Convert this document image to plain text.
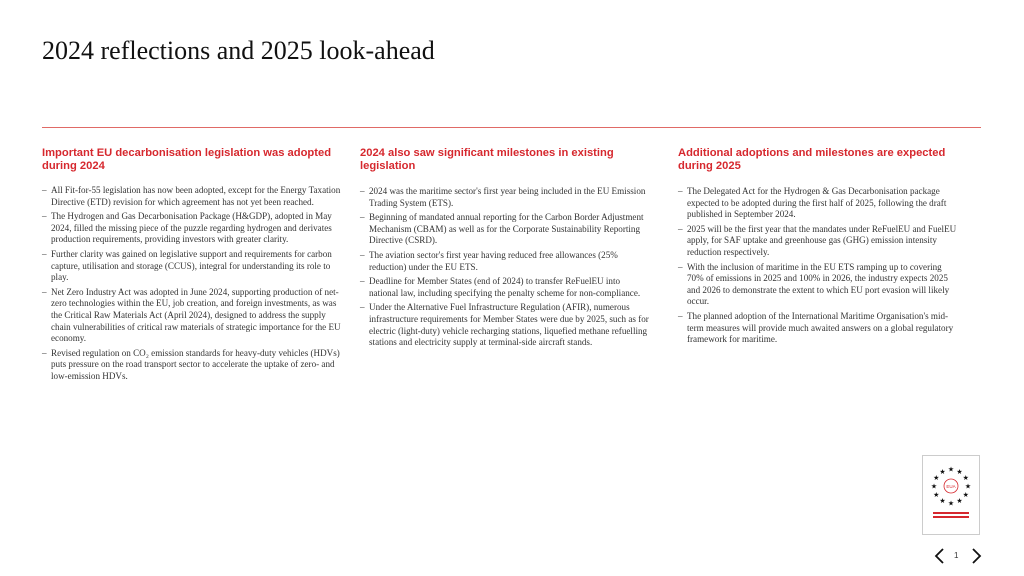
2024 reflections and 2025 look-ahead

Important EU decarbonisation legislation was adopted during 2024

– All Fit-for-55 legislation has now been adopted, except for the Energy Taxation Directive (ETD) revision for which agreement has not yet been reached.
– The Hydrogen and Gas Decarbonisation Package (H&GDP), adopted in May 2024, filled the missing piece of the puzzle regarding hydrogen and derivates production requirements, providing investors with greater clarity.
– Further clarity was gained on legislative support and requirements for carbon capture, utilisation and storage (CCUS), integral for understanding its role to play.
– Net Zero Industry Act was adopted in June 2024, supporting production of net-zero technologies within the EU, job creation, and foreign investments, as was the Critical Raw Materials Act (April 2024), designed to address the supply chain vulnerabilities of critical raw materials of strategic importance for the EU economy.
– Revised regulation on CO₂ emission standards for heavy-duty vehicles (HDVs) puts pressure on the road transport sector to accelerate the uptake of zero- and low-emission HDVs.

2024 also saw significant milestones in existing legislation

– 2024 was the maritime sector's first year being included in the EU Emission Trading System (ETS).
– Beginning of mandated annual reporting for the Carbon Border Adjustment Mechanism (CBAM) as well as for the Corporate Sustainability Reporting Directive (CSRD).
– The aviation sector's first year having reduced free allowances (25% reduction) under the EU ETS.
– Deadline for Member States (end of 2024) to transfer ReFuelEU into national law, including specifying the penalty scheme for non-compliance.
– Under the Alternative Fuel Infrastructure Regulation (AFIR), numerous infrastructure requirements for Member States were due by 2025, such as for electric (light-duty) vehicle recharging stations, liquefied methane refuelling stations and electricity supply at terminal-side aircraft stands.

Additional adoptions and milestones are expected during 2025

– The Delegated Act for the Hydrogen & Gas Decarbonisation package expected to be adopted during the first half of 2025, following the draft published in September 2024.
– 2025 will be the first year that the mandates under ReFuelEU and FuelEU apply, for SAF uptake and greenhouse gas (GHG) emission intensity reduction respectively.
– With the inclusion of maritime in the EU ETS ramping up to covering 70% of emissions in 2025 and 100% in 2026, the industry expects 2025 and 2026 to demonstrate the extent to which EU port evasion will likely occur.
– The planned adoption of the International Maritime Organisation's mid-term measures will provide much awaited answers on a global regulatory framework for maritime.
★ ★
★
★
★
★
★
★
★
★
★
★
EUA
1
